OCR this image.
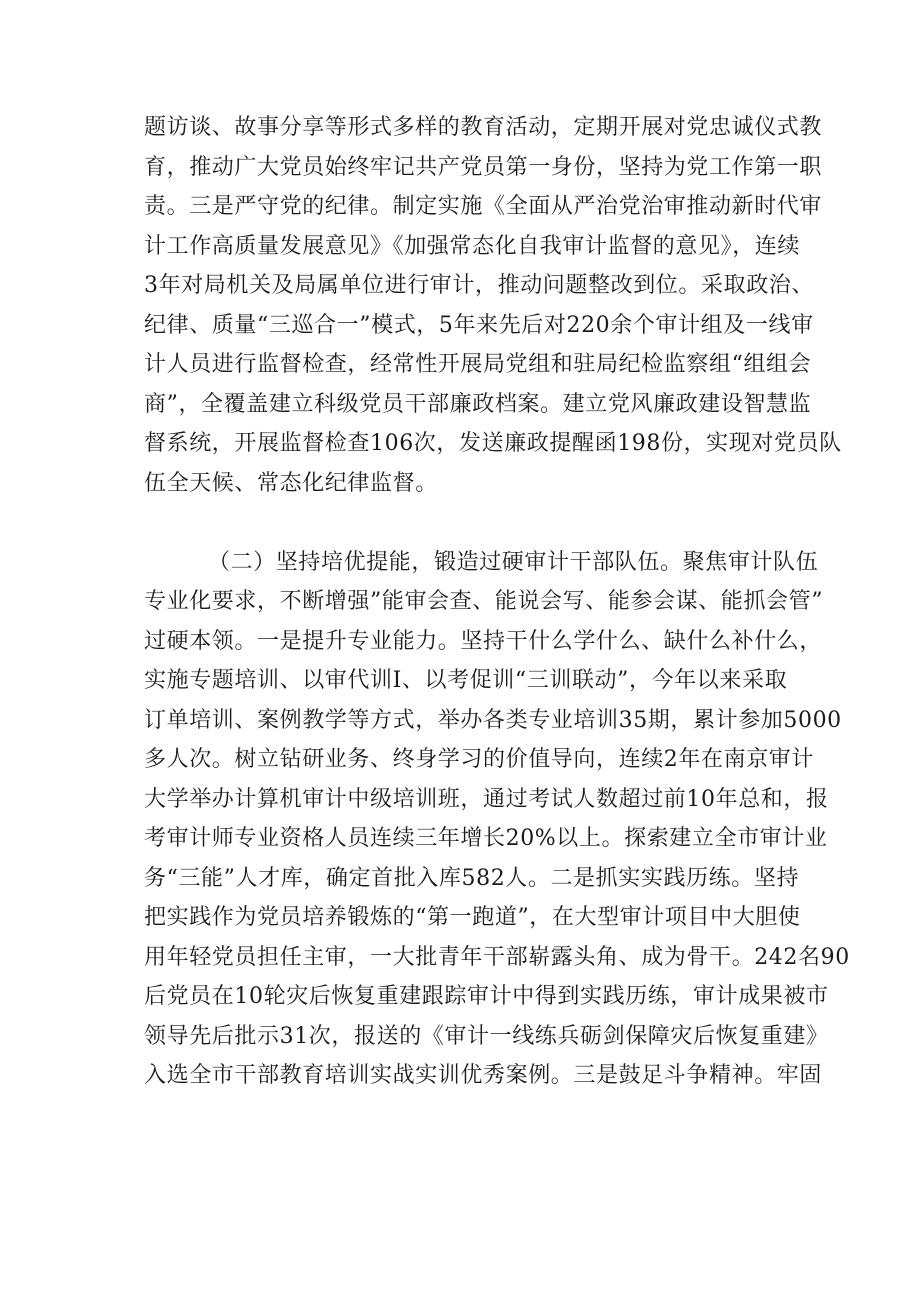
题访谈、故事分享等形式多样的教育活动，定期开展对党忠诚仪式教
育，推动广大党员始终牢记共产党员第一身份，坚持为党工作第一职
责。三是严守党的纪律。制定实施《全面从严治党治审推动新时代审
计工作高质量发展意见》《加强常态化自我审计监督的意见》，连续
3年对局机关及局属单位进行审计，推动问题整改到位。采取政治、
纪律、质量“三巡合一”模式，5年来先后对220余个审计组及一线审
计人员进行监督检查，经常性开展局党组和驻局纪检监察组“组组会
商”，全覆盖建立科级党员干部廉政档案。建立党风廉政建设智慧监
督系统，开展监督检查106次，发送廉政提醒函198份，实现对党员队
伍全天候、常态化纪律监督。
（二）坚持培优提能，锻造过硬审计干部队伍。聚焦审计队伍
专业化要求，不断增强”能审会查、能说会写、能参会谋、能抓会管”
过硬本领。一是提升专业能力。坚持干什么学什么、缺什么补什么，
实施专题培训、以审代训I、以考促训“三训联动”，今年以来采取
订单培训、案例教学等方式，举办各类专业培训35期，累计参加5000
多人次。树立钻研业务、终身学习的价值导向，连续2年在南京审计
大学举办计算机审计中级培训班，通过考试人数超过前10年总和，报
考审计师专业资格人员连续三年增长20%以上。探索建立全市审计业
务“三能”人才库，确定首批入库582人。二是抓实实践历练。坚持
把实践作为党员培养锻炼的“第一跑道”，在大型审计项目中大胆使
用年轻党员担任主审，一大批青年干部崭露头角、成为骨干。242名90
后党员在10轮灾后恢复重建跟踪审计中得到实践历练，审计成果被市
领导先后批示31次，报送的《审计一线练兵砺剑保障灾后恢复重建》
入选全市干部教育培训实战实训优秀案例。三是鼓足斗争精神。牢固
